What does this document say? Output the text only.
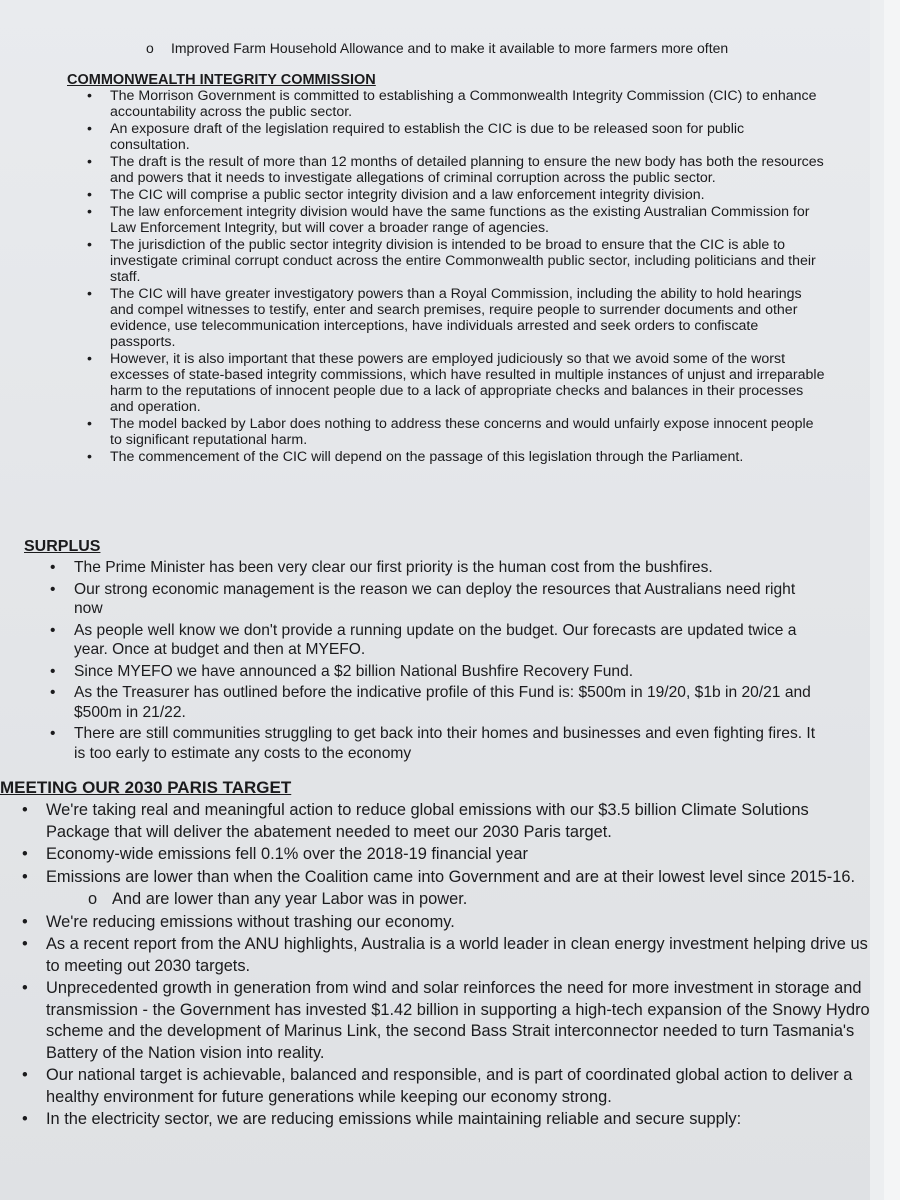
o Improved Farm Household Allowance and to make it available to more farmers more often
COMMONWEALTH INTEGRITY COMMISSION
• The Morrison Government is committed to establishing a Commonwealth Integrity Commission (CIC) to enhance accountability across the public sector.
• An exposure draft of the legislation required to establish the CIC is due to be released soon for public consultation.
• The draft is the result of more than 12 months of detailed planning to ensure the new body has both the resources and powers that it needs to investigate allegations of criminal corruption across the public sector.
• The CIC will comprise a public sector integrity division and a law enforcement integrity division.
• The law enforcement integrity division would have the same functions as the existing Australian Commission for Law Enforcement Integrity, but will cover a broader range of agencies.
• The jurisdiction of the public sector integrity division is intended to be broad to ensure that the CIC is able to investigate criminal corrupt conduct across the entire Commonwealth public sector, including politicians and their staff.
• The CIC will have greater investigatory powers than a Royal Commission, including the ability to hold hearings and compel witnesses to testify, enter and search premises, require people to surrender documents and other evidence, use telecommunication interceptions, have individuals arrested and seek orders to confiscate passports.
• However, it is also important that these powers are employed judiciously so that we avoid some of the worst excesses of state-based integrity commissions, which have resulted in multiple instances of unjust and irreparable harm to the reputations of innocent people due to a lack of appropriate checks and balances in their processes and operation.
• The model backed by Labor does nothing to address these concerns and would unfairly expose innocent people to significant reputational harm.
• The commencement of the CIC will depend on the passage of this legislation through the Parliament.
SURPLUS
• The Prime Minister has been very clear our first priority is the human cost from the bushfires.
• Our strong economic management is the reason we can deploy the resources that Australians need right now
• As people well know we don't provide a running update on the budget. Our forecasts are updated twice a year. Once at budget and then at MYEFO.
• Since MYEFO we have announced a $2 billion National Bushfire Recovery Fund.
• As the Treasurer has outlined before the indicative profile of this Fund is: $500m in 19/20, $1b in 20/21 and $500m in 21/22.
• There are still communities struggling to get back into their homes and businesses and even fighting fires. It is too early to estimate any costs to the economy
MEETING OUR 2030 PARIS TARGET
• We're taking real and meaningful action to reduce global emissions with our $3.5 billion Climate Solutions Package that will deliver the abatement needed to meet our 2030 Paris target.
• Economy-wide emissions fell 0.1% over the 2018-19 financial year
• Emissions are lower than when the Coalition came into Government and are at their lowest level since 2015-16.
o And are lower than any year Labor was in power.
• We're reducing emissions without trashing our economy.
• As a recent report from the ANU highlights, Australia is a world leader in clean energy investment helping drive us to meeting out 2030 targets.
• Unprecedented growth in generation from wind and solar reinforces the need for more investment in storage and transmission - the Government has invested $1.42 billion in supporting a high-tech expansion of the Snowy Hydro scheme and the development of Marinus Link, the second Bass Strait interconnector needed to turn Tasmania's Battery of the Nation vision into reality.
• Our national target is achievable, balanced and responsible, and is part of coordinated global action to deliver a healthy environment for future generations while keeping our economy strong.
• In the electricity sector, we are reducing emissions while maintaining reliable and secure supply:
